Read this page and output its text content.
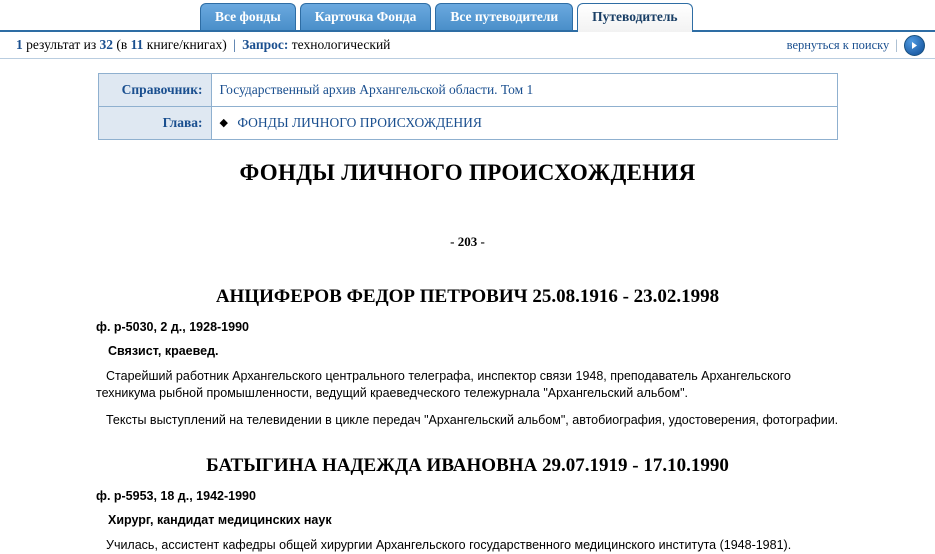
Все фонды	Карточка Фонда	Все путеводители	Путеводитель
1 результат из 32 (в 11 книге/книгах) | Запрос: технологический	вернуться к поиску |
Справочник:	Государственный архив Архангельской области. Том 1
Глава:	◆ ФОНДЫ ЛИЧНОГО ПРОИСХОЖДЕНИЯ
ФОНДЫ ЛИЧНОГО ПРОИСХОЖДЕНИЯ
- 203 -
АНЦИФЕРОВ ФЕДОР ПЕТРОВИЧ 25.08.1916 - 23.02.1998
ф. р-5030, 2 д., 1928-1990
Связист, краевед.
Старейший работник Архангельского центрального телеграфа, инспектор связи 1948, преподаватель Архангельского техникума рыбной промышленности, ведущий краеведческого тележурнала "Архангельский альбом".
Тексты выступлений на телевидении в цикле передач "Архангельский альбом", автобиография, удостоверения, фотографии.
БАТЫГИНА НАДЕЖДА ИВАНОВНА 29.07.1919 - 17.10.1990
ф. р-5953, 18 д., 1942-1990
Хирург, кандидат медицинских наук
Училась, ассистент кафедры общей хирургии Архангельского государственного медицинского института (1948-1981).
